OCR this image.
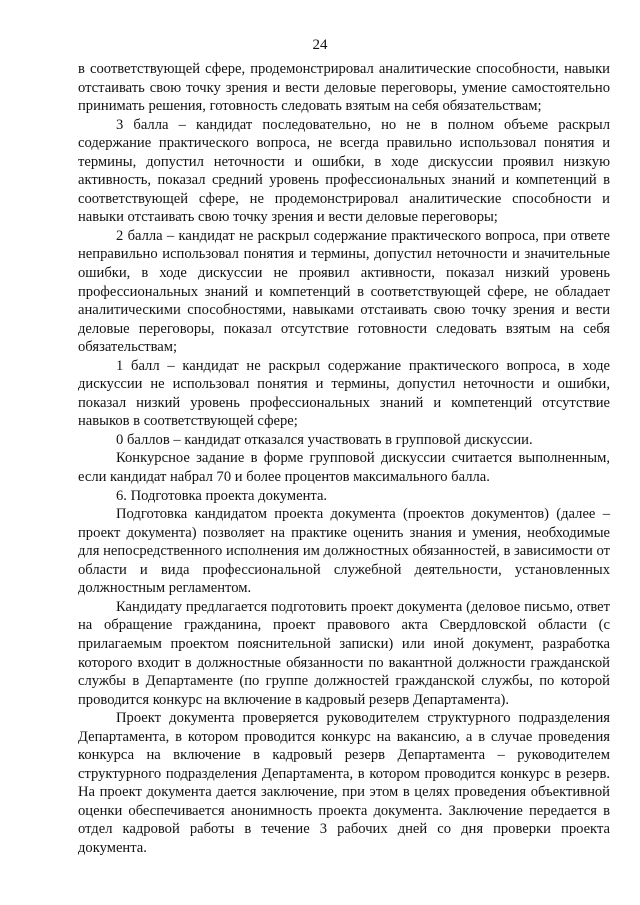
24

в соответствующей сфере, продемонстрировал аналитические способности, навыки отстаивать свою точку зрения и вести деловые переговоры, умение самостоятельно принимать решения, готовность следовать взятым на себя обязательствам;

3 балла – кандидат последовательно, но не в полном объеме раскрыл содержание практического вопроса, не всегда правильно использовал понятия и термины, допустил неточности и ошибки, в ходе дискуссии проявил низкую активность, показал средний уровень профессиональных знаний и компетенций в соответствующей сфере, не продемонстрировал аналитические способности и навыки отстаивать свою точку зрения и вести деловые переговоры;

2 балла – кандидат не раскрыл содержание практического вопроса, при ответе неправильно использовал понятия и термины, допустил неточности и значительные ошибки, в ходе дискуссии не проявил активности, показал низкий уровень профессиональных знаний и компетенций в соответствующей сфере, не обладает аналитическими способностями, навыками отстаивать свою точку зрения и вести деловые переговоры, показал отсутствие готовности следовать взятым на себя обязательствам;

1 балл – кандидат не раскрыл содержание практического вопроса, в ходе дискуссии не использовал понятия и термины, допустил неточности и ошибки, показал низкий уровень профессиональных знаний и компетенций отсутствие навыков в соответствующей сфере;

0 баллов – кандидат отказался участвовать в групповой дискуссии.

Конкурсное задание в форме групповой дискуссии считается выполненным, если кандидат набрал 70 и более процентов максимального балла.

6. Подготовка проекта документа.

Подготовка кандидатом проекта документа (проектов документов) (далее – проект документа) позволяет на практике оценить знания и умения, необходимые для непосредственного исполнения им должностных обязанностей, в зависимости от области и вида профессиональной служебной деятельности, установленных должностным регламентом.

Кандидату предлагается подготовить проект документа (деловое письмо, ответ на обращение гражданина, проект правового акта Свердловской области (с прилагаемым проектом пояснительной записки) или иной документ, разработка которого входит в должностные обязанности по вакантной должности гражданской службы в Департаменте (по группе должностей гражданской службы, по которой проводится конкурс на включение в кадровый резерв Департамента).

Проект документа проверяется руководителем структурного подразделения Департамента, в котором проводится конкурс на вакансию, а в случае проведения конкурса на включение в кадровый резерв Департамента – руководителем структурного подразделения Департамента, в котором проводится конкурс в резерв. На проект документа дается заключение, при этом в целях проведения объективной оценки обеспечивается анонимность проекта документа. Заключение передается в отдел кадровой работы в течение 3 рабочих дней со дня проверки проекта документа.
